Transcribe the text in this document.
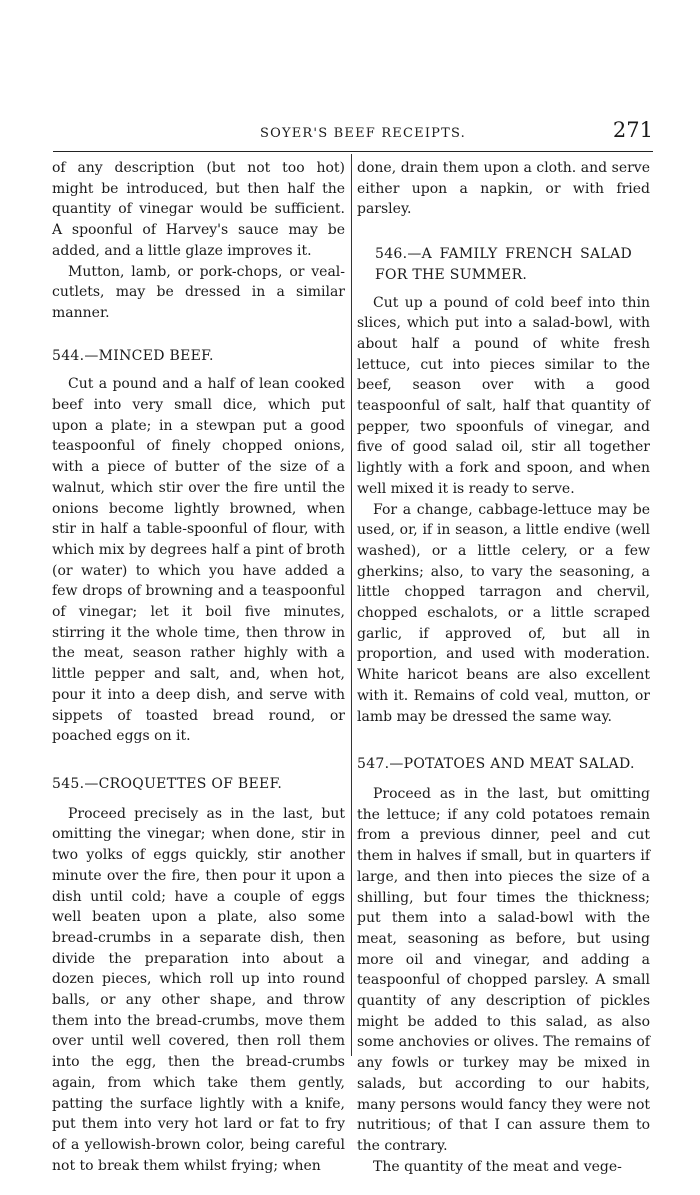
SOYER'S BEEF RECEIPTS.	271

of any description (but not too hot) might be introduced, but then half the quantity of vinegar would be sufficient. A spoonful of Harvey's sauce may be added, and a little glaze improves it.

Mutton, lamb, or pork-chops, or veal-cutlets, may be dressed in a similar manner.

544.—MINCED BEEF.

Cut a pound and a half of lean cooked beef into very small dice, which put upon a plate; in a stewpan put a good teaspoonful of finely chopped onions, with a piece of butter of the size of a walnut, which stir over the fire until the onions become lightly browned, when stir in half a table-spoonful of flour, with which mix by degrees half a pint of broth (or water) to which you have added a few drops of browning and a teaspoonful of vinegar; let it boil five minutes, stirring it the whole time, then throw in the meat, season rather highly with a little pepper and salt, and, when hot, pour it into a deep dish, and serve with sippets of toasted bread round, or poached eggs on it.

545.—CROQUETTES OF BEEF.

Proceed precisely as in the last, but omitting the vinegar; when done, stir in two yolks of eggs quickly, stir another minute over the fire, then pour it upon a dish until cold; have a couple of eggs well beaten upon a plate, also some bread-crumbs in a separate dish, then divide the preparation into about a dozen pieces, which roll up into round balls, or any other shape, and throw them into the bread-crumbs, move them over until well covered, then roll them into the egg, then the bread-crumbs again, from which take them gently, patting the surface lightly with a knife, put them into very hot lard or fat to fry of a yellowish-brown color, being careful not to break them whilst frying; when

done, drain them upon a cloth. and serve either upon a napkin, or with fried parsley.

546.—A FAMILY FRENCH SALAD FOR THE SUMMER.

Cut up a pound of cold beef into thin slices, which put into a salad-bowl, with about half a pound of white fresh lettuce, cut into pieces similar to the beef, season over with a good teaspoonful of salt, half that quantity of pepper, two spoonfuls of vinegar, and five of good salad oil, stir all together lightly with a fork and spoon, and when well mixed it is ready to serve.

For a change, cabbage-lettuce may be used, or, if in season, a little endive (well washed), or a little celery, or a few gherkins; also, to vary the seasoning, a little chopped tarragon and chervil, chopped eschalots, or a little scraped garlic, if approved of, but all in proportion, and used with moderation. White haricot beans are also excellent with it. Remains of cold veal, mutton, or lamb may be dressed the same way.

547.—POTATOES AND MEAT SALAD.

Proceed as in the last, but omitting the lettuce; if any cold potatoes remain from a previous dinner, peel and cut them in halves if small, but in quarters if large, and then into pieces the size of a shilling, but four times the thickness; put them into a salad-bowl with the meat, seasoning as before, but using more oil and vinegar, and adding a teaspoonful of chopped parsley. A small quantity of any description of pickles might be added to this salad, as also some anchovies or olives. The remains of any fowls or turkey may be mixed in salads, but according to our habits, many persons would fancy they were not nutritious; of that I can assure them to the contrary.

The quantity of the meat and vege-
